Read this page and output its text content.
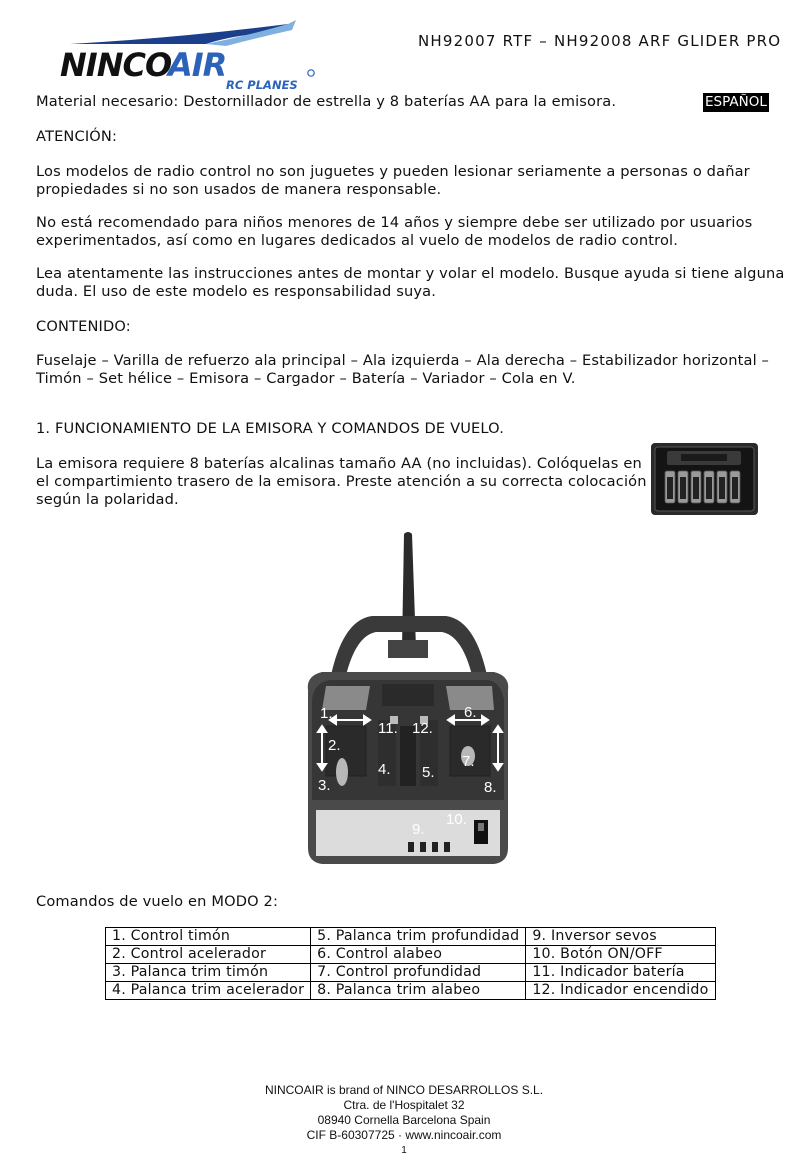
NH92007 RTF – NH92008 ARF GLIDER PRO
NINCO
AIR
RC PLANES
Material necesario: Destornillador de estrella y 8 baterías AA para la emisora.	ESPAÑOL
ATENCIÓN:

Los modelos de radio control no son juguetes y pueden lesionar seriamente a personas o dañar
propiedades si no son usados de manera responsable.

No está recomendado para niños menores de 14 años y siempre debe ser utilizado por usuarios
experimentados, así como en lugares dedicados al vuelo de modelos de radio control.

Lea atentamente las instrucciones antes de montar y volar el modelo. Busque ayuda si tiene alguna
duda. El uso de este modelo es responsabilidad suya.

CONTENIDO:

Fuselaje – Varilla de refuerzo ala principal – Ala izquierda – Ala derecha – Estabilizador horizontal –
Timón – Set hélice – Emisora – Cargador – Batería – Variador – Cola en V.

1. FUNCIONAMIENTO DE LA EMISORA Y COMANDOS DE VUELO.

La emisora requiere 8 baterías alcalinas tamaño AA (no incluidas). Colóquelas en
el compartimiento trasero de la emisora. Preste atención a su correcta colocación
según la polaridad.

1.
2.
3.
4. 5.
6.
7.
8.
9.
10.
11. 12.
Comandos de vuelo en MODO 2:
1. Control timón	5. Palanca trim profundidad	9. Inversor sevos
2. Control acelerador	6. Control alabeo	10. Botón ON/OFF
3. Palanca trim timón	7. Control profundidad	11. Indicador batería
4. Palanca trim acelerador	8. Palanca trim alabeo	12. Indicador encendido
NINCOAIR is brand of NINCO DESARROLLOS S.L.
Ctra. de l'Hospitalet 32
08940 Cornella Barcelona Spain
CIF B-60307725 · www.nincoair.com
1
